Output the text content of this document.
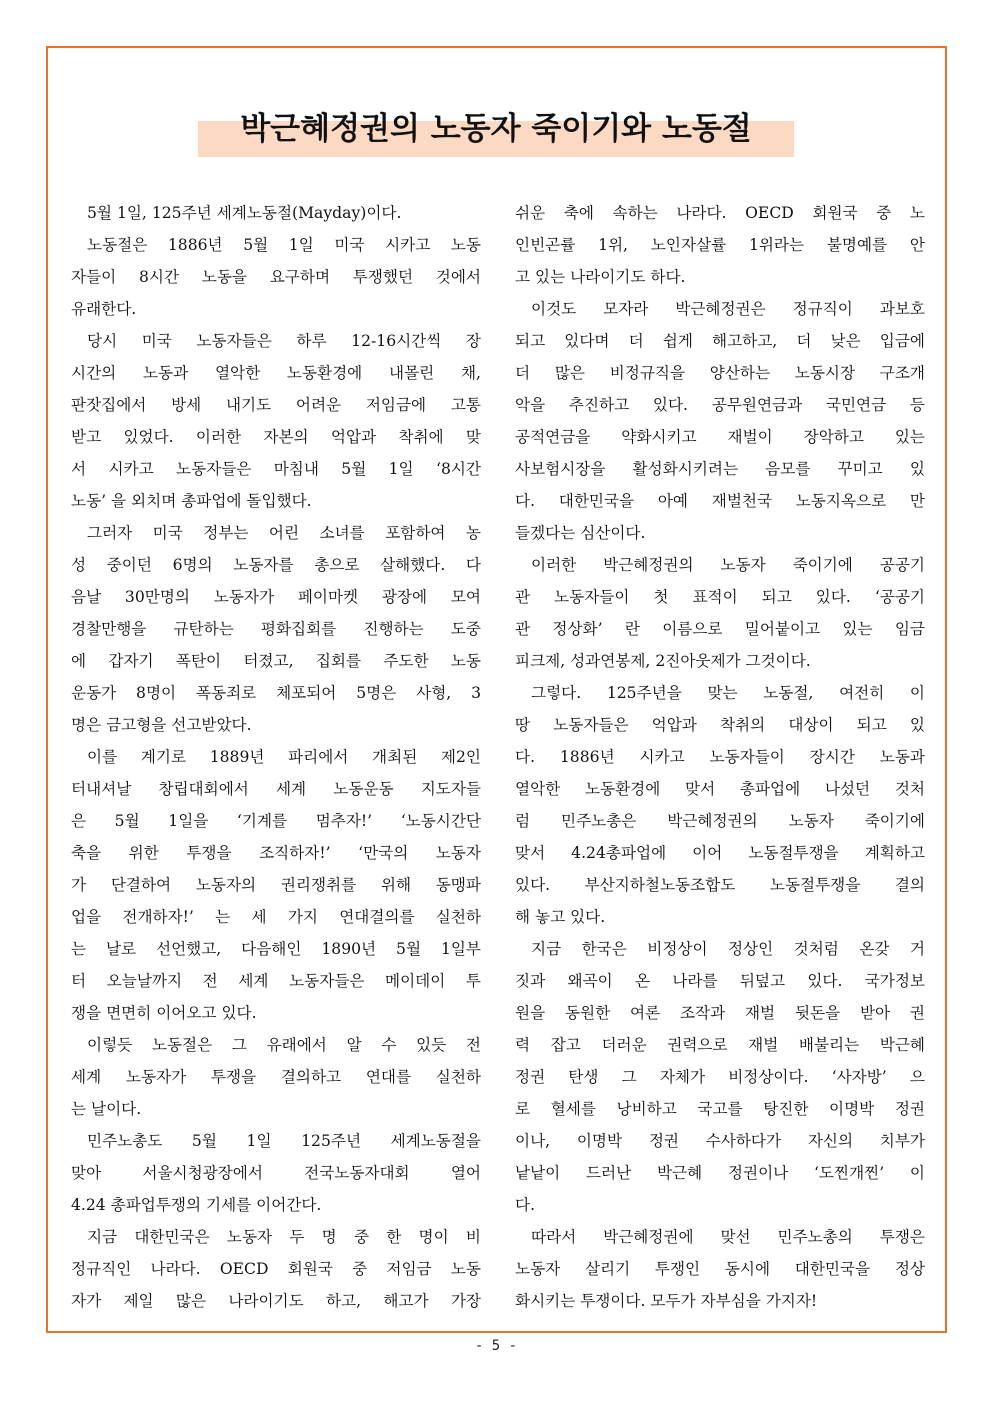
박근혜정권의 노동자 죽이기와 노동절
5월 1일, 125주년 세계노동절(Mayday)이다.
노동절은 1886년 5월 1일 미국 시카고 노동
자들이 8시간 노동을 요구하며 투쟁했던 것에서
유래한다.
당시 미국 노동자들은 하루 12-16시간씩 장
시간의 노동과 열악한 노동환경에 내몰린 채,
판잣집에서 방세 내기도 어려운 저임금에 고통
받고 있었다. 이러한 자본의 억압과 착취에 맞
서 시카고 노동자들은 마침내 5월 1일 ‘8시간
노동’ 을 외치며 총파업에 돌입했다.
그러자 미국 정부는 어린 소녀를 포함하여 농
성 중이던 6명의 노동자를 총으로 살해했다. 다
음날 30만명의 노동자가 페이마켓 광장에 모여
경찰만행을 규탄하는 평화집회를 진행하는 도중
에 갑자기 폭탄이 터졌고, 집회를 주도한 노동
운동가 8명이 폭동죄로 체포되어 5명은 사형, 3
명은 금고형을 선고받았다.
이를 계기로 1889년 파리에서 개최된 제2인
터내셔날 창립대회에서 세계 노동운동 지도자들
은 5월 1일을 ‘기계를 멈추자!’ ‘노동시간단
축을 위한 투쟁을 조직하자!’ ‘만국의 노동자
가 단결하여 노동자의 권리쟁취를 위해 동맹파
업을 전개하자!’ 는 세 가지 연대결의를 실천하
는 날로 선언했고, 다음해인 1890년 5월 1일부
터 오늘날까지 전 세계 노동자들은 메이데이 투
쟁을 면면히 이어오고 있다.
이렇듯 노동절은 그 유래에서 알 수 있듯 전
세계 노동자가 투쟁을 결의하고 연대를 실천하
는 날이다.
민주노총도 5월 1일 125주년 세계노동절을
맞아 서울시청광장에서 전국노동자대회 열어
4.24 총파업투쟁의 기세를 이어간다.
지금 대한민국은 노동자 두 명 중 한 명이 비
정규직인 나라다. OECD 회원국 중 저임금 노동
자가 제일 많은 나라이기도 하고, 해고가 가장
쉬운 축에 속하는 나라다. OECD 회원국 중 노
인빈곤률 1위, 노인자살률 1위라는 불명예를 안
고 있는 나라이기도 하다.
이것도 모자라 박근혜정권은 정규직이 과보호
되고 있다며 더 쉽게 해고하고, 더 낮은 입금에
더 많은 비정규직을 양산하는 노동시장 구조개
악을 추진하고 있다. 공무원연금과 국민연금 등
공적연금을 약화시키고 재벌이 장악하고 있는
사보험시장을 활성화시키려는 음모를 꾸미고 있
다. 대한민국을 아예 재벌천국 노동지옥으로 만
들겠다는 심산이다.
이러한 박근혜정권의 노동자 죽이기에 공공기
관 노동자들이 첫 표적이 되고 있다. ‘공공기
관 정상화’ 란 이름으로 밀어붙이고 있는 임금
피크제, 성과연봉제, 2진아웃제가 그것이다.
그렇다. 125주년을 맞는 노동절, 여전히 이
땅 노동자들은 억압과 착취의 대상이 되고 있
다. 1886년 시카고 노동자들이 장시간 노동과
열악한 노동환경에 맞서 총파업에 나섰던 것처
럼 민주노총은 박근혜정권의 노동자 죽이기에
맞서 4.24총파업에 이어 노동절투쟁을 계획하고
있다. 부산지하철노동조합도 노동절투쟁을 결의
해 놓고 있다.
지금 한국은 비정상이 정상인 것처럼 온갖 거
짓과 왜곡이 온 나라를 뒤덮고 있다. 국가정보
원을 동원한 여론 조작과 재벌 뒷돈을 받아 권
력 잡고 더러운 권력으로 재벌 배불리는 박근혜
정권 탄생 그 자체가 비정상이다. ‘사자방’ 으
로 혈세를 낭비하고 국고를 탕진한 이명박 정권
이나, 이명박 정권 수사하다가 자신의 치부가
낱낱이 드러난 박근혜 정권이나 ‘도찐개찐’ 이
다.
따라서 박근혜정권에 맞선 민주노총의 투쟁은
노동자 살리기 투쟁인 동시에 대한민국을 정상
화시키는 투쟁이다. 모두가 자부심을 가지자!
- 5 -
